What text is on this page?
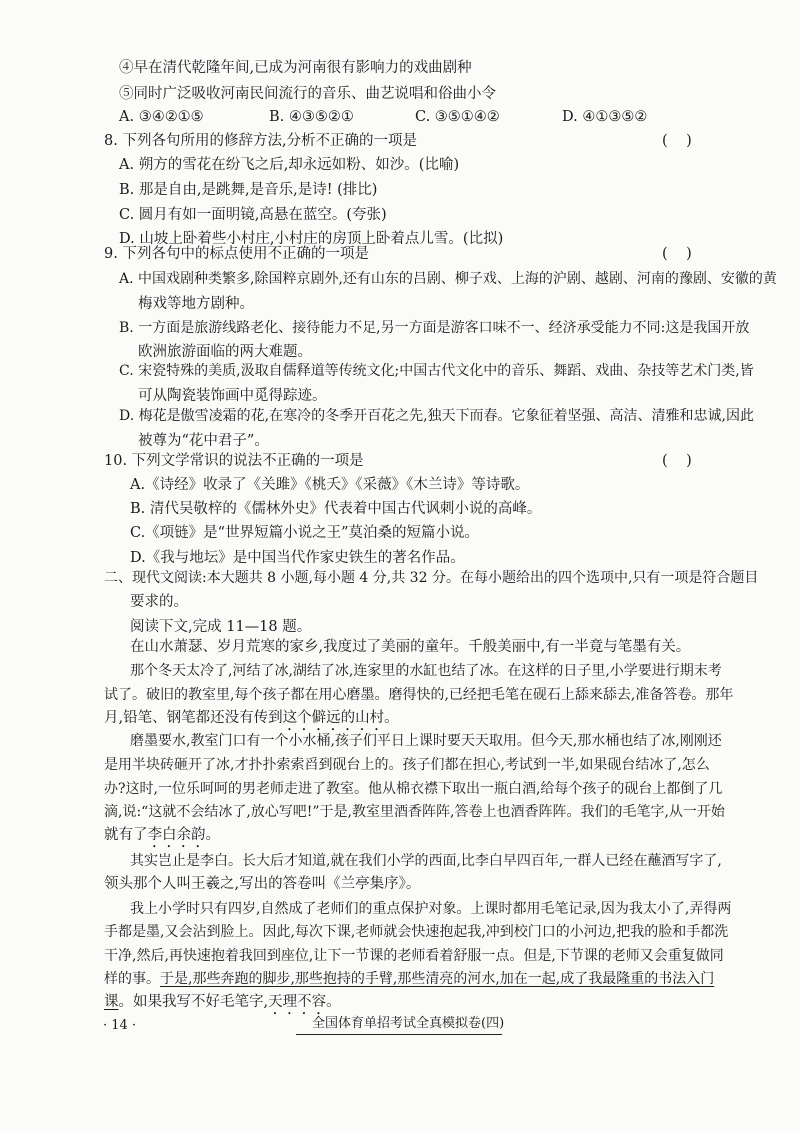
④早在清代乾隆年间,已成为河南很有影响力的戏曲剧种
⑤同时广泛吸收河南民间流行的音乐、曲艺说唱和俗曲小令
A. ③④②①⑤	B. ④③⑤②①	C. ③⑤①④②	D. ④①③⑤②
8. 下列各句所用的修辞方法,分析不正确的一项是	(    )
A. 朔方的雪花在纷飞之后,却永远如粉、如沙。(比喻)
B. 那是自由,是跳舞,是音乐,是诗! (排比)
C. 圆月有如一面明镜,高悬在蓝空。(夸张)
D. 山坡上卧着些小村庄,小村庄的房顶上卧着点儿雪。(比拟)
9. 下列各句中的标点使用不正确的一项是	(    )
A. 中国戏剧种类繁多,除国粹京剧外,还有山东的吕剧、柳子戏、上海的沪剧、越剧、河南的豫剧、安徽的黄
梅戏等地方剧种。
B. 一方面是旅游线路老化、接待能力不足,另一方面是游客口味不一、经济承受能力不同:这是我国开放
欧洲旅游面临的两大难题。
C. 宋瓷特殊的美质,汲取自儒释道等传统文化;中国古代文化中的音乐、舞蹈、戏曲、杂技等艺术门类,皆
可从陶瓷装饰画中觅得踪迹。
D. 梅花是傲雪凌霜的花,在寒冷的冬季开百花之先,独天下而春。它象征着坚强、高洁、清雅和忠诚,因此
被尊为“花中君子”。
10. 下列文学常识的说法不正确的一项是	(    )
A.《诗经》收录了《关雎》《桃夭》《采薇》《木兰诗》等诗歌。
B. 清代吴敬梓的《儒林外史》代表着中国古代讽刺小说的高峰。
C.《项链》是“世界短篇小说之王”莫泊桑的短篇小说。
D.《我与地坛》是中国当代作家史铁生的著名作品。
二、现代文阅读:本大题共 8 小题,每小题 4 分,共 32 分。在每小题给出的四个选项中,只有一项是符合题目
要求的。
阅读下文,完成 11—18 题。
在山水萧瑟、岁月荒寒的家乡,我度过了美丽的童年。千般美丽中,有一半竟与笔墨有关。
那个冬天太冷了,河结了冰,湖结了冰,连家里的水缸也结了冰。在这样的日子里,小学要进行期末考
试了。破旧的教室里,每个孩子都在用心磨墨。磨得快的,已经把毛笔在砚石上舔来舔去,准备答卷。那年
月,铅笔、钢笔都还没有传到这个僻远的山村。
磨墨要水,教室门口有一个小水桶,孩子们平日上课时要天天取用。但今天,那水桶也结了冰,刚刚还
是用半块砖砸开了冰,才扑扑索索舀到砚台上的。孩子们都在担心,考试到一半,如果砚台结冰了,怎么
办?这时,一位乐呵呵的男老师走进了教室。他从棉衣襟下取出一瓶白酒,给每个孩子的砚台上都倒了几
滴,说:“这就不会结冰了,放心写吧!”于是,教室里酒香阵阵,答卷上也酒香阵阵。我们的毛笔字,从一开始
就有了李白余韵。
其实岂止是李白。长大后才知道,就在我们小学的西面,比李白早四百年,一群人已经在蘸酒写字了,
领头那个人叫王羲之,写出的答卷叫《兰亭集序》。
我上小学时只有四岁,自然成了老师们的重点保护对象。上课时都用毛笔记录,因为我太小了,弄得两
手都是墨,又会沾到脸上。因此,每次下课,老师就会快速抱起我,冲到校门口的小河边,把我的脸和手都洗
干净,然后,再快速抱着我回到座位,让下一节课的老师看着舒服一点。但是,下节课的老师又会重复做同
样的事。于是,那些奔跑的脚步,那些抱持的手臂,那些清亮的河水,加在一起,成了我最隆重的书法入门
课。如果我写不好毛笔字,天理不容。
· 14 ·	全国体育单招考试全真模拟卷(四)
